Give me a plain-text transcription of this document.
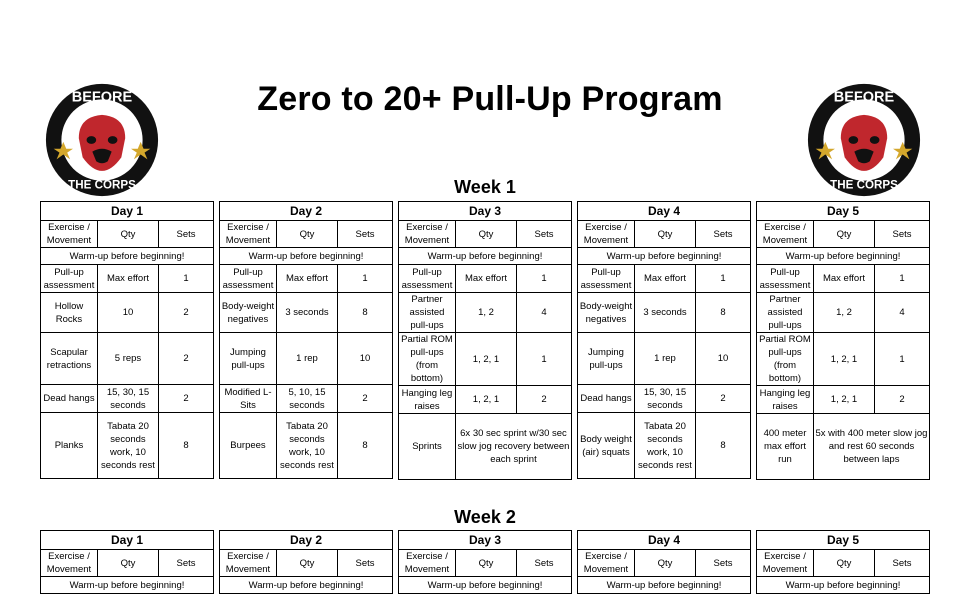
BEFORE
THE CORPS
BEFORE
THE CORPS
Zero to 20+ Pull-Up Program
Week 1
Day 1		
Exercise / Movement	Qty	Sets
Warm-up before beginning!		
Pull-up assessment	Max effort	1
Hollow Rocks	10	2
Scapular retractions	5 reps	2
Dead hangs	15, 30, 15 seconds	2
Planks	Tabata 20 seconds work, 10 seconds rest	8
Day 2		
Exercise / Movement	Qty	Sets
Warm-up before beginning!		
Pull-up assessment	Max effort	1
Body-weight negatives	3 seconds	8
Jumping pull-ups	1 rep	10
Modified L-Sits	5, 10, 15 seconds	2
Burpees	Tabata 20 seconds work, 10 seconds rest	8
Day 3		
Exercise / Movement	Qty	Sets
Warm-up before beginning!		
Pull-up assessment	Max effort	1
Partner assisted pull-ups	1, 2	4
Partial ROM pull-ups (from bottom)	1, 2, 1	1
Hanging leg raises	1, 2, 1	2
Sprints	6x 30 sec sprint w/30 sec slow jog recovery between each sprint	
Day 4		
Exercise / Movement	Qty	Sets
Warm-up before beginning!		
Pull-up assessment	Max effort	1
Body-weight negatives	3 seconds	8
Jumping pull-ups	1 rep	10
Dead hangs	15, 30, 15 seconds	2
Body weight (air) squats	Tabata 20 seconds work, 10 seconds rest	8
Day 5		
Exercise / Movement	Qty	Sets
Warm-up before beginning!		
Pull-up assessment	Max effort	1
Partner assisted pull-ups	1, 2	4
Partial ROM pull-ups (from bottom)	1, 2, 1	1
Hanging leg raises	1, 2, 1	2
400 meter max effort run	5x with 400 meter slow jog and rest 60 seconds between laps	
Week 2
Day 1
Exercise / Movement	Qty	Sets
Warm-up before beginning!
Day 2
Exercise / Movement	Qty	Sets
Warm-up before beginning!
Day 3
Exercise / Movement	Qty	Sets
Warm-up before beginning!
Day 4
Exercise / Movement	Qty	Sets
Warm-up before beginning!
Day 5
Exercise / Movement	Qty	Sets
Warm-up before beginning!
